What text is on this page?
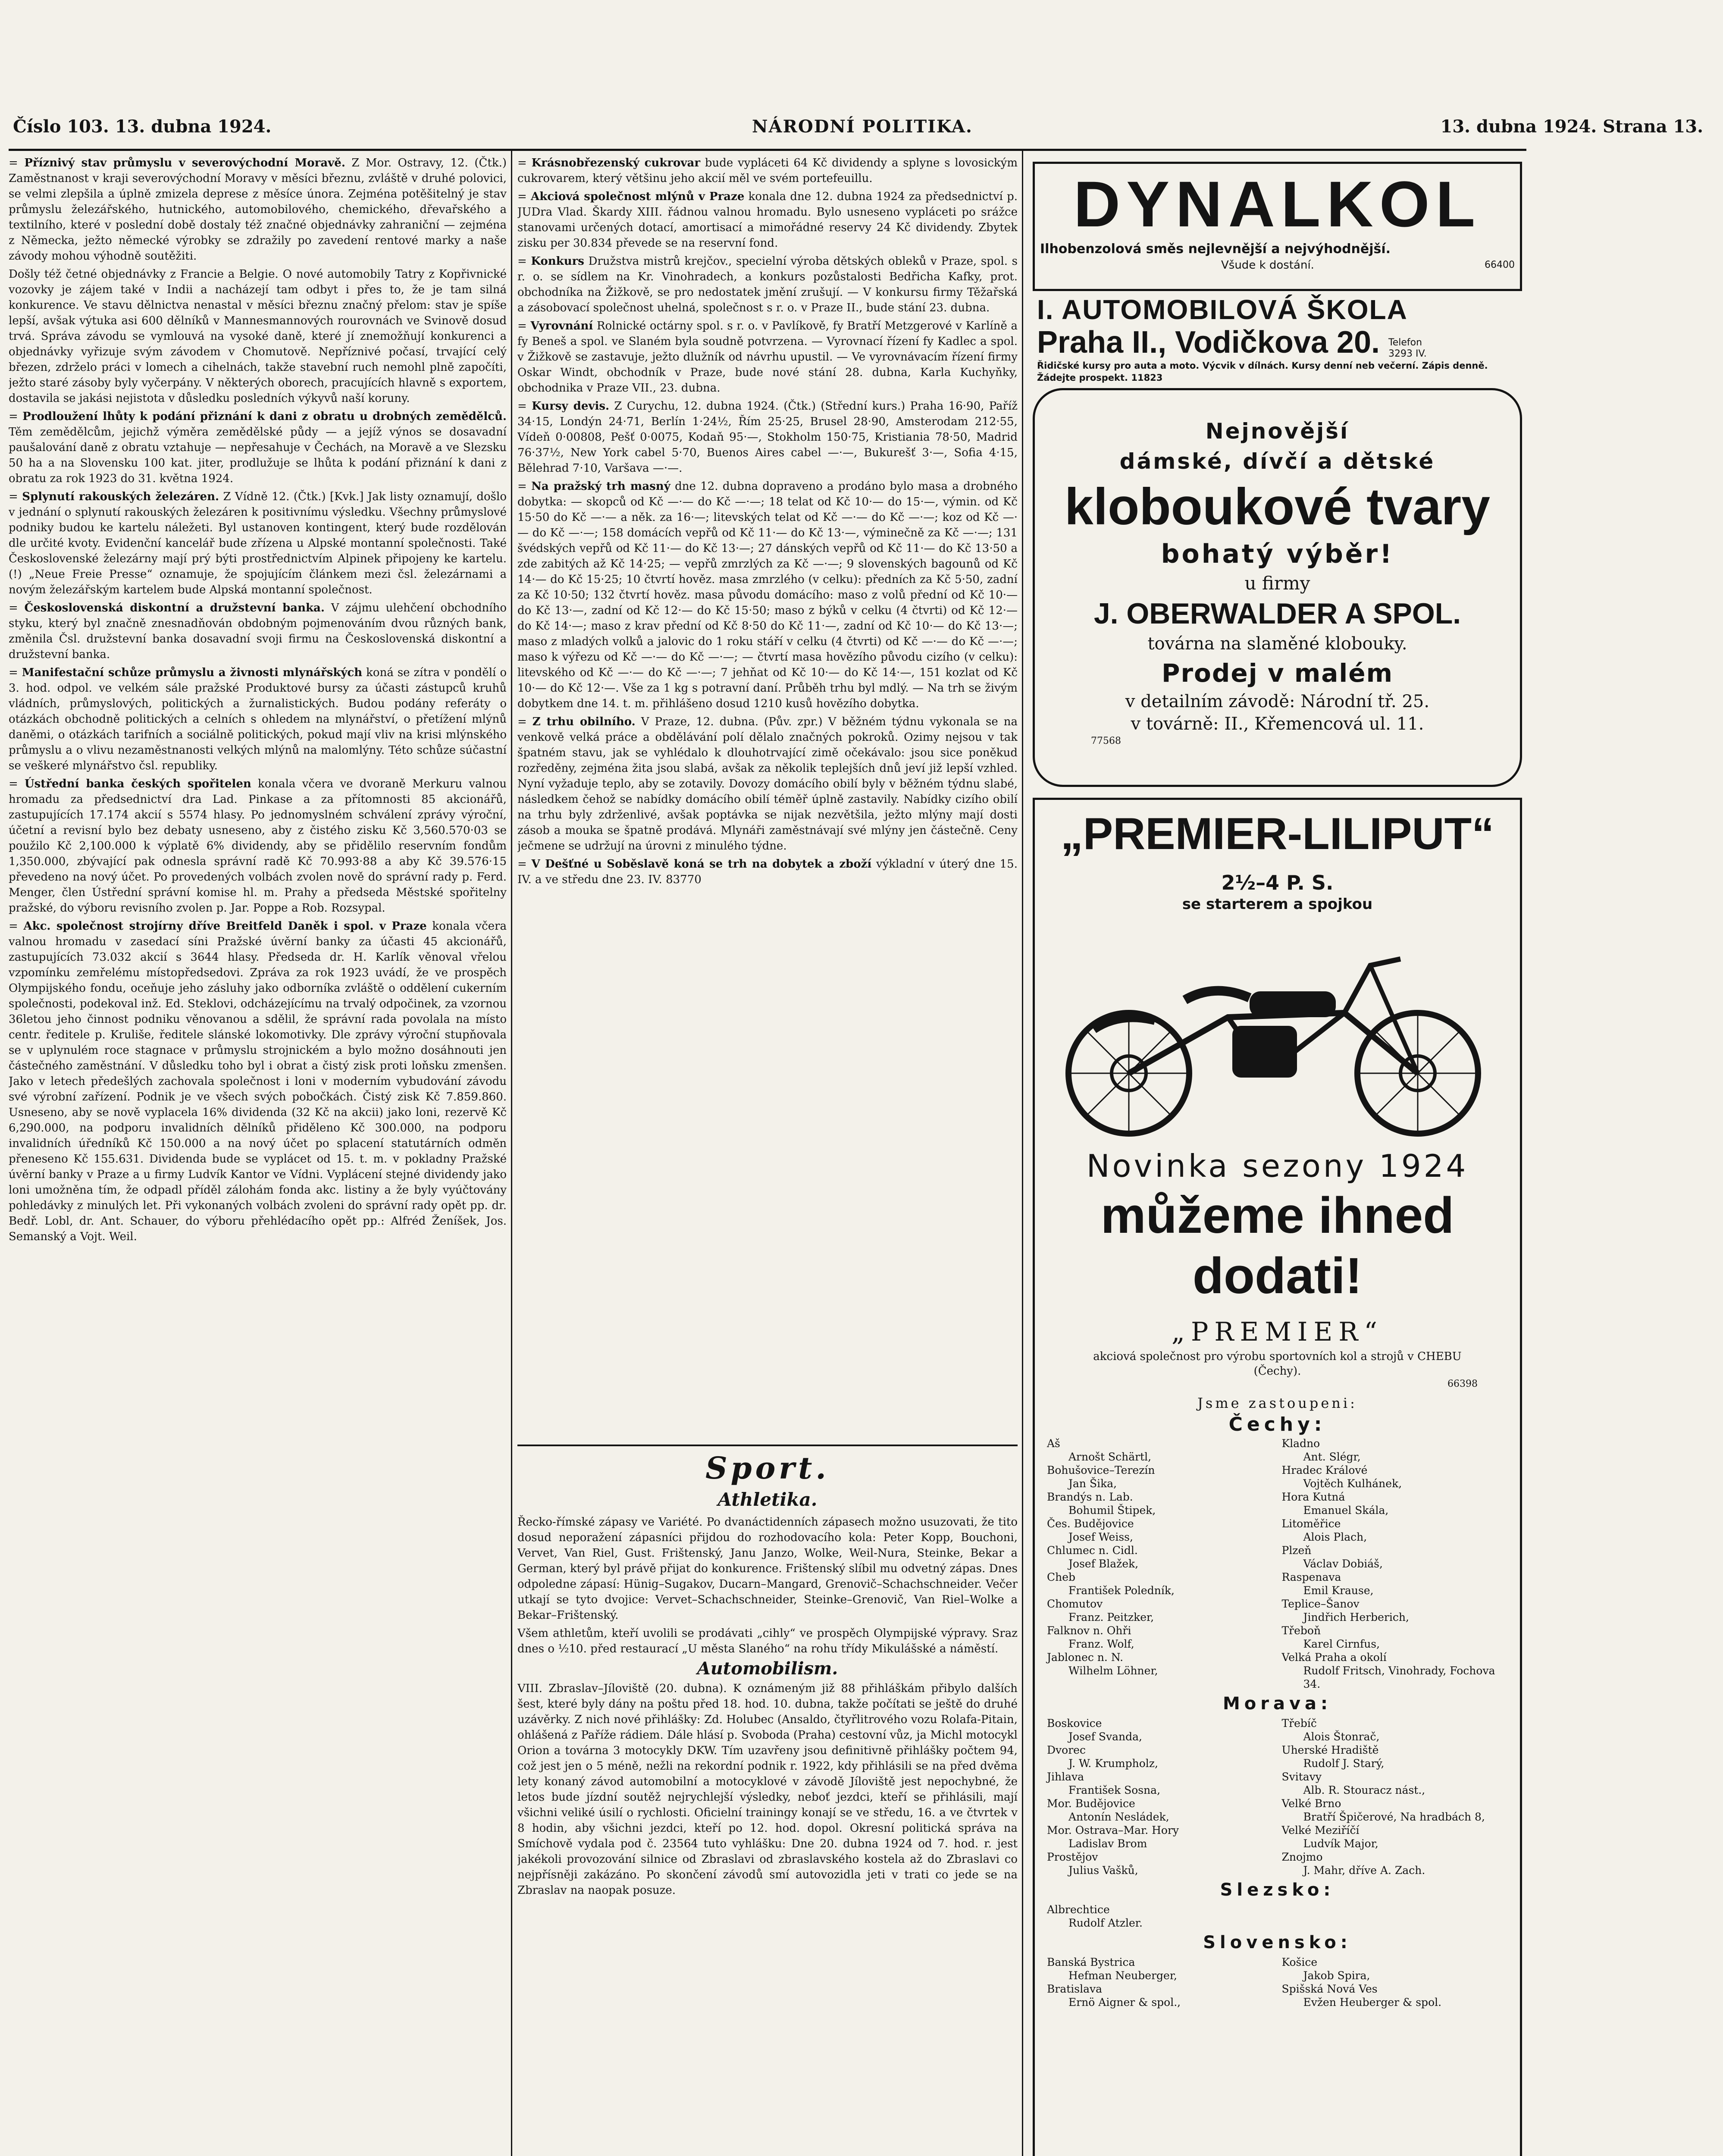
Číslo 103. 13. dubna 1924.	NÁRODNÍ POLITIKA.	13. dubna 1924. Strana 13.

= Příznivý stav průmyslu v severovýchodní Moravě. Z Mor. Ostravy, 12. (Čtk.) Zaměstnanost v kraji severovýchodní Moravy v měsíci březnu, zvláště v druhé polovici, se velmi zlepšila a úplně zmizela deprese z měsíce února. Zejména potěšitelný je stav průmyslu železářského, hutnického, automobilového, chemického, dřevařského a textilního, které v poslední době dostaly též značné objednávky zahraniční — zejména z Německa, ježto německé výrobky se zdražily po zavedení rentové marky a naše závody mohou výhodně soutěžiti.

Došly též četné objednávky z Francie a Belgie. O nové automobily Tatry z Kopřivnické vozovky je zájem také v Indii a nacházejí tam odbyt i přes to, že je tam silná konkurence. Ve stavu dělnictva nenastal v měsíci březnu značný přelom: stav je spíše lepší, avšak výtuka asi 600 dělníků v Mannesmannových rourovnách ve Svinově dosud trvá. Správa závodu se vymlouvá na vysoké daně, které jí znemožňují konkurenci a objednávky vyřizuje svým závodem v Chomutově. Nepříznivé počasí, trvající celý březen, zdrželo práci v lomech a cihelnách, takže stavební ruch nemohl plně započíti, ježto staré zásoby byly vyčerpány. V některých oborech, pracujících hlavně s exportem, dostavila se jakási nejistota v důsledku posledních výkyvů naší koruny.

= Prodloužení lhůty k podání přiznání k dani z obratu u drobných zemědělců. Těm zemědělcům, jejichž výměra zemědělské půdy — a jejíž výnos se dosavadní paušalování daně z obratu vztahuje — nepřesahuje v Čechách, na Moravě a ve Slezsku 50 ha a na Slovensku 100 kat. jiter, prodlužuje se lhůta k podání přiznání k dani z obratu za rok 1923 do 31. května 1924.

= Splynutí rakouských železáren. Z Vídně 12. (Čtk.) [Kvk.] Jak listy oznamují, došlo v jednání o splynutí rakouských železáren k positivnímu výsledku. Všechny průmyslové podniky budou ke kartelu náležeti. Byl ustanoven kontingent, který bude rozdělován dle určité kvoty. Evidenční kancelář bude zřízena u Alpské montanní společnosti. Také Československé železárny mají prý býti prostřednictvím Alpinek připojeny ke kartelu. (!) „Neue Freie Presse“ oznamuje, že spojujícím článkem mezi čsl. železárnami a novým železářským kartelem bude Alpská montanní společnost.

= Československá diskontní a družstevní banka. V zájmu ulehčení obchodního styku, který byl značně znesnadňován obdobným pojmenováním dvou různých bank, změnila Čsl. družstevní banka dosavadní svoji firmu na Československá diskontní a družstevní banka.

= Manifestační schůze průmyslu a živnosti mlynářských koná se zítra v pondělí o 3. hod. odpol. ve velkém sále pražské Produktové bursy za účasti zástupců kruhů vládních, průmyslových, politických a žurnalistických. Budou podány referáty o otázkách obchodně politických a celních s ohledem na mlynářství, o přetížení mlýnů daněmi, o otázkách tarifních a sociálně politických, pokud mají vliv na krisi mlýnského průmyslu a o vlivu nezaměstnanosti velkých mlýnů na maloml‌ýny. Této schůze súčastní se veškeré mlynářstvo čsl. republiky.

= Ústřední banka českých spořitelen konala včera ve dvoraně Merkuru valnou hromadu za předsednictví dra Lad. Pinkase a za přítomnosti 85 akcionářů, zastupujících 17.174 akcií s 5574 hlasy. Po jednomyslném schválení zprávy výroční, účetní a revisní bylo bez debaty usneseno, aby z čistého zisku Kč 3,560.570·03 se použilo Kč 2,100.000 k výplatě 6% dividendy, aby se přidělilo reservním fondům 1,350.000, zbývající pak odnesla správní radě Kč 70.993·88 a aby Kč 39.576·15 převedeno na nový účet. Po provedených volbách zvolen nově do správní rady p. Ferd. Menger, člen Ústřední správní komise hl. m. Prahy a předseda Městské spořitelny pražské, do výboru revisního zvolen p. Jar. Poppe a Rob. Rozsypal.

= Akc. společnost strojírny dříve Breitfeld Daněk i spol. v Praze konala včera valnou hromadu v zasedací síni Pražské úvěrní banky za účasti 45 akcionářů, zastupujících 73.032 akcií s 3644 hlasy. Předseda dr. H. Karlík věnoval vřelou vzpomínku zemřelému místopředsedovi. Zpráva za rok 1923 uvádí, že ve prospěch Olympijského fondu, oceňuje jeho zásluhy jako odborníka zvláště o oddělení cukerním společnosti, podekoval inž. Ed. Steklovi, odcházejícímu na trvalý odpočinek, za vzornou 36letou jeho činnost podniku věnovanou a sdělil, že správní rada povolala na místo centr. ředitele p. Kruliše, ředitele slánské lokomotivky. Dle zprávy výroční stupňovala se v uplynulém roce stagnace v průmyslu strojnickém a bylo možno dosáhnouti jen částečného zaměstnání. V důsledku toho byl i obrat a čistý zisk proti loňsku zmenšen. Jako v letech předešlých zachovala společnost i loni v moderním vybudování závodu své výrobní zařízení. Podnik je ve všech svých pobočkách. Čistý zisk Kč 7.859.860. Usneseno, aby se nově vyplacela 16% dividenda (32 Kč na akcii) jako loni, rezervě Kč 6,290.000, na podporu invalidních dělníků přiděleno Kč 300.000, na podporu invalidních úředníků Kč 150.000 a na nový účet po splacení statutárních odměn přeneseno Kč 155.631. Dividenda bude se vyplácet od 15. t. m. v pokladny Pražské úvěrní banky v Praze a u firmy Ludvík Kantor ve Vídni. Vyplácení stejné dividendy jako loni umožněna tím, že odpadl příděl zálohám fonda akc. listiny a že byly vyúčtovány pohledávky z minulých let. Při vykonaných volbách zvoleni do správní rady opět pp. dr. Bedř. Lobl, dr. Ant. Schauer, do výboru přehlédacího opět pp.: Alfréd Ženíšek, Jos. Semanský a Vojt. Weil.

= Krásnobřezenský cukrovar bude vypláceti 64 Kč dividendy a splyne s lovosickým cukrovarem, který většinu jeho akcií měl ve svém portefeuillu.

= Akciová společnost mlýnů v Praze konala dne 12. dubna 1924 za předsednictví p. JUDra Vlad. Škardy XIII. řádnou valnou hromadu. Bylo usneseno vypláceti po srážce stanovami určených dotací, amortisací a mimořádné reservy 24 Kč dividendy. Zbytek zisku per 30.834 převede se na reservní fond.

= Konkurs Družstva mistrů krejčov., specielní výroba dětských obleků v Praze, spol. s r. o. se sídlem na Kr. Vinohradech, a konkurs pozůstalosti Bedřicha Kafky, prot. obchodníka na Žižkově, se pro nedostatek jmění zrušují. — V konkursu firmy Těžařská a zásobovací společnost uhelná, společnost s r. o. v Praze II., bude stání 23. dubna.

= Vyrovnání Rolnické octárny spol. s r. o. v Pavlíkově, fy Bratří Metzgerové v Karlíně a fy Beneš a spol. ve Slaném byla soudně potvrzena. — Vyrovnací řízení fy Kadlec a spol. v Žižkově se zastavuje, ježto dlužník od návrhu upustil. — Ve vyrovnávacím řízení firmy Oskar Windt, obchodník v Praze, bude nové stání 28. dubna, Karla Kuchyňky, obchodnika v Praze VII., 23. dubna.

= Kursy devis. Z Curychu, 12. dubna 1924. (Čtk.) (Střední kurs.) Praha 16·90, Paříž 34·15, Londýn 24·71, Berlín 1·24½, Řím 25·25, Brusel 28·90, Amsterodam 212·55, Vídeň 0·00808, Pešť 0·0075, Kodaň 95·—, Stokholm 150·75, Kristiania 78·50, Madrid 76·37½, New York cabel 5·70, Buenos Aires cabel —·—, Bukurešť 3·—, Sofia 4·15, Bělehrad 7·10, Varšava —·—.

= Na pražský trh masný dne 12. dubna dopraveno a prodáno bylo masa a drobného dobytka: — skopců od Kč —·— do Kč —·—; 18 telat od Kč 10·— do 15·—, výmin. od Kč 15·50 do Kč —·— a něk. za 16·—; litevských telat od Kč —·— do Kč —·—; koz od Kč —·— do Kč —·—; 158 domácích vepřů od Kč 11·— do Kč 13·—, výminečně za Kč —·—; 131 švédských vepřů od Kč 11·— do Kč 13·—; 27 dánských vepřů od Kč 11·— do Kč 13·50 a zde zabitých až Kč 14·25; — vepřů zmrzlých za Kč —·—; 9 slovenských bagounů od Kč 14·— do Kč 15·25; 10 čtvrtí hověz. masa zmrzlého (v celku): předních za Kč 5·50, zadní za Kč 10·50; 132 čtvrtí hověz. masa původu domácího: maso z volů přední od Kč 10·— do Kč 13·—, zadní od Kč 12·— do Kč 15·50; maso z býků v celku (4 čtvrti) od Kč 12·— do Kč 14·—; maso z krav přední od Kč 8·50 do Kč 11·—, zadní od Kč 10·— do Kč 13·—; maso z mladých volků a jalovic do 1 roku stáří v celku (4 čtvrti) od Kč —·— do Kč —·—; maso k výřezu od Kč —·— do Kč —·—; — čtvrtí masa hovězího původu cizího (v celku): litevského od Kč —·— do Kč —·—; 7 jehňat od Kč 10·— do Kč 14·—, 151 kozlat od Kč 10·— do Kč 12·—. Vše za 1 kg s potravní daní. Průběh trhu byl mdlý. — Na trh se živým dobytkem dne 14. t. m. přihlášeno dosud 1210 kusů hovězího dobytka.

= Z trhu obilního. V Praze, 12. dubna. (Pův. zpr.) V běžném týdnu vykonala se na venkově velká práce a obdělávání polí dělalo značných pokroků. Ozimy nejsou v tak špatném stavu, jak se vyhlédalo k dlouhotrvající zimě očekávalo: jsou sice poněkud rozředěny, zejména žita jsou slabá, avšak za několik teplejších dnů jeví již lepší vzhled. Nyní vyžaduje teplo, aby se zotavily. Dovozy domácího obilí byly v běžném týdnu slabé, následkem čehož se nabídky domácího obilí téměř úplně zastavily. Nabídky cizího obilí na trhu byly zdrženlivé, avšak poptávka se nijak nezvětšila, ježto mlýny mají dosti zásob a mouka se špatně prodává. Mlynáři zaměstnávají své mlýny jen částečně. Ceny ječmene se udržují na úrovni z minulého týdne.

= V Dešťné u Soběslavě koná se trh na dobytek a zboží výkladní v úterý dne 15. IV. a ve středu dne 23. IV. 83770

Sport.
Athletika.
Řecko-římské zápasy ve Variété. Po dvanáctidenních zápasech možno usuzovati, že tito dosud neporažení zápasníci přijdou do rozhodovacího kola: Peter Kopp, Bouchoni, Vervet, Van Riel, Gust. Frištenský, Janu Janzo, Wolke, Weil-Nura, Steinke, Bekar a German, který byl právě přijat do konkurence. Frištenský slíbil mu odvetný zápas. Dnes odpoledne zápasí: Hünig–Sugakov, Ducarn–Mangard, Grenovič–Schachschneider. Večer utkají se tyto dvojice: Vervet–Schachschneider, Steinke–Grenovič, Van Riel–Wolke a Bekar–Frištenský.
Všem athletům, kteří uvolili se prodávati „cihly“ ve prospěch Olympijské výpravy. Sraz dnes o ½10. před restaurací „U města Slaného“ na rohu třídy Mikulášské a náměstí.
Automobilism.
VIII. Zbraslav–Jíloviště (20. dubna). K oznámeným již 88 přihláškám přibylo dalších šest, které byly dány na poštu před 18. hod. 10. dubna, takže počítati se ještě do druhé uzávěrky. Z nich nové přihlášky: Zd. Holubec (Ansaldo, čtyřlitrového vozu Rolafa-Pitain, ohlášená z Paříže rádiem. Dále hlásí p. Svoboda (Praha) cestovní vůz, ja Michl motocykl Orion a továrna 3 motocykly DKW. Tím uzavřeny jsou definitivně přihlášky počtem 94, což jest jen o 5 méně, nežli na rekordní podnik r. 1922, kdy přihlásili se na před dvěma lety konaný závod automobilní a motocyklové v závodě Jíloviště jest nepochybné, že letos bude jízdní soutěž nejrychlejší výsledky, neboť jezdci, kteří se přihlásili, mají všichni veliké úsilí o rychlosti. Oficielní trainingy konají se ve středu, 16. a ve čtvrtek v 8 hodin, aby všichni jezdci, kteří po 12. hod. dopol. Okresní politická správa na Smíchově vydala pod č. 23564 tuto vyhlášku: Dne 20. dubna 1924 od 7. hod. r. jest jakékoli provozování silnice od Zbraslavi od zbraslavského kostela až do Zbraslavi co nejpřísněji zakázáno. Po skončení závodů smí autovozidla jeti v trati co jede se na Zbraslav na naopak posuze.
DYNALKOL
Ilhobenzolová směs nejlevnější a nejvýhodnější.
Všude k dostání.	66400
I. AUTOMOBILOVÁ ŠKOLA
Praha II., Vodičkova 20. Telefon 3293 IV.
Řidičské kursy pro auta a moto. Výcvik v dílnách. Kursy denní neb večerní. Zápis denně. Žádejte prospekt. 11823
Nejnovější
dámské, dívčí a dětské
kloboukové tvary
bohatý výběr!
u firmy
J. OBERWALDER A SPOL.
továrna na slaměné klobouky.
Prodej v malém
v detailním závodě: Národní tř. 25.
v továrně: II., Křemencová ul. 11.
77568
„PREMIER-LILIPUT“
2½–4 P. S.
se starterem a spojkou
Novinka sezony 1924
můžeme ihned dodati!
„PREMIER“
akciová společnost pro výrobu sportovních kol a strojů v CHEBU (Čechy).
66398
Jsme zastoupeni:
Čechy:
Aš
Arnošt Schärtl,
Bohušovice–Terezín
Jan Šika,
Brandýs n. Lab.
Bohumil Štipek,
Čes. Budějovice
Josef Weiss,
Chlumec n. Cidl.
Josef Blažek,
Cheb
František Poledník,
Chomutov
Franz. Peitzker,
Falknov n. Ohři
Franz. Wolf,
Jablonec n. N.
Wilhelm Löhner,
Kladno
Ant. Slégr,
Hradec Králové
Vojtěch Kulhánek,
Hora Kutná
Emanuel Skála,
Litoměřice
Alois Plach,
Plzeň
Václav Dobiáš,
Raspenava
Emil Krause,
Teplice–Šanov
Jindřich Herberich,
Třeboň
Karel Cirnfus,
Velká Praha a okolí
Rudolf Fritsch, Vinohrady, Fochova 34.
Morava:
Boskovice
Josef Svanda,
Dvorec
J. W. Krumpholz,
Jihlava
František Sosna,
Mor. Budějovice
Antonín Nesládek,
Mor. Ostrava–Mar. Hory
Ladislav Brom
Prostějov
Julius Vašků,
Třebíč
Alois Štonrač,
Uherské Hradiště
Rudolf J. Starý,
Svitavy
Alb. R. Stouracz nást.,
Velké Brno
Bratří Špičerové, Na hradbách 8,
Velké Meziříčí
Ludvík Major,
Znojmo
J. Mahr, dříve A. Zach.
Slezsko:
Albrechtice
Rudolf Atzler.
Slovensko:
Banská Bystrica
Hefman Neuberger,
Bratislava
Ernö Aigner & spol.,
Košice
Jakob Spira,
Spišská Nová Ves
Evžen Heuberger & spol.
